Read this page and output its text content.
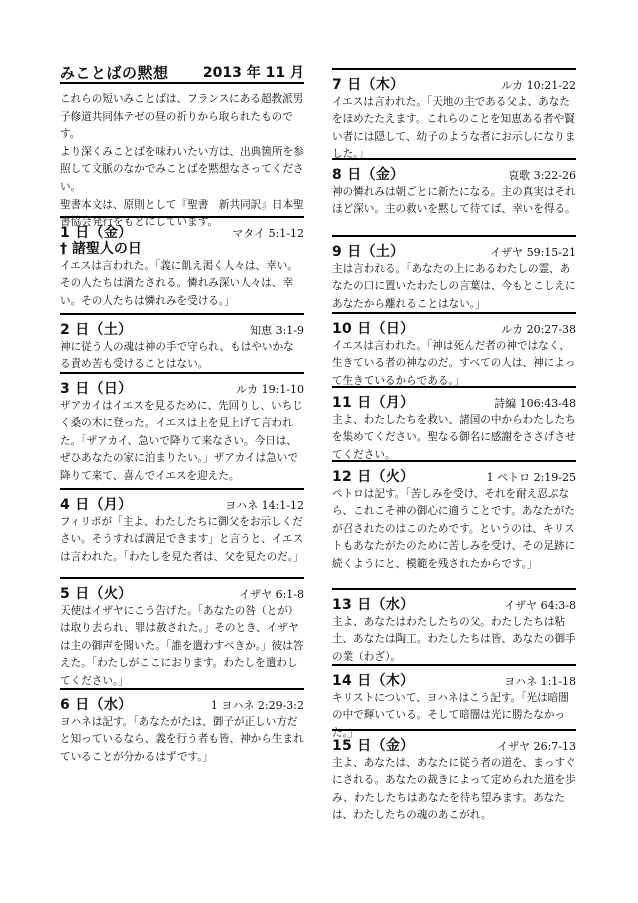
みことばの黙想 2013 年 11 月

これらの短いみことばは、フランスにある超教派男子修道共同体テゼの昼の祈りから取られたものです。

より深くみことばを味わいたい方は、出典箇所を参照して文脈のなかでみことばを黙想なさってください。

聖書本文は、原則として『聖書　新共同訳』日本聖書協会発行をもとにしています。

1 日（金）	マタイ 5:1-12
† 諸聖人の日
イエスは言われた。「義に飢え渇く人々は、幸い。その人たちは満たされる。憐れみ深い人々は、幸い。その人たちは憐れみを受ける。」
2 日（土）	知恵 3:1-9
神に従う人の魂は神の手で守られ、もはやいかなる責め苦も受けることはない。
3 日（日）	ルカ 19:1-10
ザアカイはイエスを見るために、先回りし、いちじく桑の木に登った。イエスは上を見上げて言われた。「ザアカイ、急いで降りて来なさい。今日は、ぜひあなたの家に泊まりたい。」ザアカイは急いで降りて来て、喜んでイエスを迎えた。
4 日（月）	ヨハネ 14:1-12
フィリポが「主よ、わたしたちに御父をお示しください。そうすれば満足できます」と言うと、イエスは言われた。「わたしを見た者は、父を見たのだ。」
5 日（火）	イザヤ 6:1-8
天使はイザヤにこう告げた。「あなたの咎（とが）は取り去られ、罪は赦された。」そのとき、イザヤは主の御声を聞いた。「誰を遣わすべきか。」彼は答えた。「わたしがここにおります。わたしを遣わしてください。」
6 日（水）	1 ヨハネ 2:29-3:2
ヨハネは記す。「あなたがたは、御子が正しい方だと知っているなら、義を行う者も皆、神から生まれていることが分かるはずです。」
7 日（木）	ルカ 10:21-22
イエスは言われた。「天地の主である父よ、あなたをほめたたえます。これらのことを知恵ある者や賢い者には隠して、幼子のような者にお示しになりました。」
8 日（金）	哀歌 3:22-26
神の憐れみは朝ごとに新たになる。主の真実はそれほど深い。主の救いを黙して待てば、幸いを得る。
9 日（土）	イザヤ 59:15-21
主は言われる。「あなたの上にあるわたしの霊、あなたの口に置いたわたしの言葉は、今もとこしえにあなたから離れることはない。」
10 日（日）	ルカ 20:27-38
イエスは言われた。「神は死んだ者の神ではなく、生きている者の神なのだ。すべての人は、神によって生きているからである。」
11 日（月）	詩編 106:43-48
主よ、わたしたちを救い、諸国の中からわたしたちを集めてください。聖なる御名に感謝をささげさせてください。
12 日（火）	1 ペトロ 2:19-25
ペトロは記す。「苦しみを受け、それを耐え忍ぶなら、これこそ神の御心に適うことです。あなたがたが召されたのはこのためです。というのは、キリストもあなたがたのために苦しみを受け、その足跡に続くようにと、模範を残されたからです。」
13 日（水）	イザヤ 64:3-8
主よ、あなたはわたしたちの父。わたしたちは粘土、あなたは陶工。わたしたちは皆、あなたの御手の業（わざ）。
14 日（木）	ヨハネ 1:1-18
キリストについて、ヨハネはこう記す。「光は暗闇の中で輝いている。そして暗闇は光に勝たなかった。」
15 日（金）	イザヤ 26:7-13
主よ、あなたは、あなたに従う者の道を、まっすぐにされる。あなたの裁きによって定められた道を歩み、わたしたちはあなたを待ち望みます。あなたは、わたしたちの魂のあこがれ。
